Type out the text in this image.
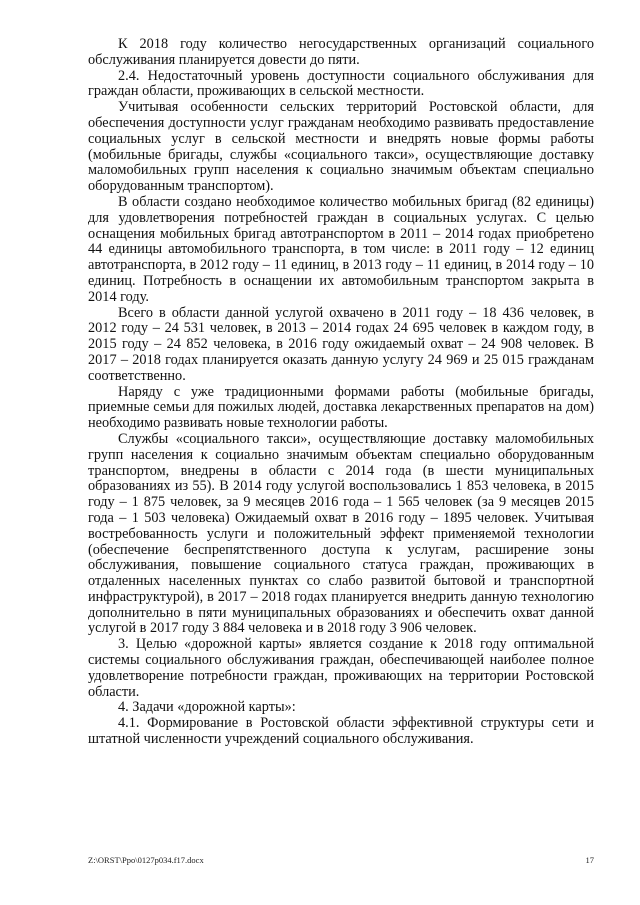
К 2018 году количество негосударственных организаций социального обслуживания планируется довести до пяти.

2.4. Недостаточный уровень доступности социального обслуживания для граждан области, проживающих в сельской местности.

Учитывая особенности сельских территорий Ростовской области, для обеспечения доступности услуг гражданам необходимо развивать предоставление социальных услуг в сельской местности и внедрять новые формы работы (мобильные бригады, службы «социального такси», осуществляющие доставку маломобильных групп населения к социально значимым объектам специально оборудованным транспортом).

В области создано необходимое количество мобильных бригад (82 единицы) для удовлетворения потребностей граждан в социальных услугах. С целью оснащения мобильных бригад автотранспортом в 2011 – 2014 годах приобретено 44 единицы автомобильного транспорта, в том числе: в 2011 году – 12 единиц автотранспорта, в 2012 году – 11 единиц, в 2013 году – 11 единиц, в 2014 году – 10 единиц. Потребность в оснащении их автомобильным транспортом закрыта в 2014 году.

Всего в области данной услугой охвачено в 2011 году – 18 436 человек, в 2012 году – 24 531 человек, в 2013 – 2014 годах 24 695 человек в каждом году, в 2015 году – 24 852 человека, в 2016 году ожидаемый охват – 24 908 человек. В 2017 – 2018 годах планируется оказать данную услугу 24 969 и 25 015 гражданам соответственно.

Наряду с уже традиционными формами работы (мобильные бригады, приемные семьи для пожилых людей, доставка лекарственных препаратов на дом) необходимо развивать новые технологии работы.

Службы «социального такси», осуществляющие доставку маломобильных групп населения к социально значимым объектам специально оборудованным транспортом, внедрены в области с 2014 года (в шести муниципальных образованиях из 55). В 2014 году услугой воспользовались 1 853 человека, в 2015 году – 1 875 человек, за 9 месяцев 2016 года – 1 565 человек (за 9 месяцев 2015 года – 1 503 человека) Ожидаемый охват в 2016 году – 1895 человек. Учитывая востребованность услуги и положительный эффект применяемой технологии (обеспечение беспрепятственного доступа к услугам, расширение зоны обслуживания, повышение социального статуса граждан, проживающих в отдаленных населенных пунктах со слабо развитой бытовой и транспортной инфраструктурой), в 2017 – 2018 годах планируется внедрить данную технологию дополнительно в пяти муниципальных образованиях и обеспечить охват данной услугой в 2017 году 3 884 человека и в 2018 году 3 906 человек.

3. Целью «дорожной карты» является создание к 2018 году оптимальной системы социального обслуживания граждан, обеспечивающей наиболее полное удовлетворение потребности граждан, проживающих на территории Ростовской области.

4. Задачи «дорожной карты»:

4.1. Формирование в Ростовской области эффективной структуры сети и штатной численности учреждений социального обслуживания.

Z:\ORST\Ppo\0127p034.f17.docx	17
